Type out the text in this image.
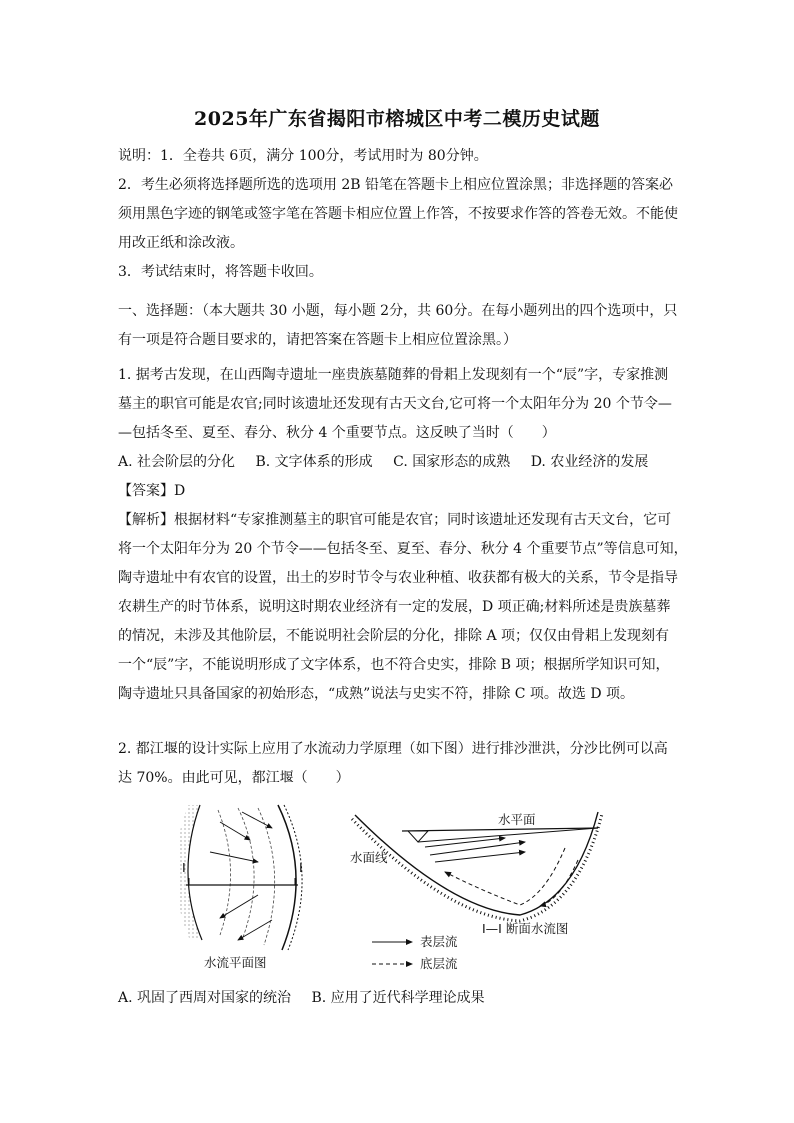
2025年广东省揭阳市榕城区中考二模历史试题
说明：1．全卷共 6页，满分 100分，考试用时为 80分钟。
2．考生必须将选择题所选的选项用 2B 铅笔在答题卡上相应位置涂黑；非选择题的答案必
须用黑色字迹的钢笔或签字笔在答题卡相应位置上作答，不按要求作答的答卷无效。不能使
用改正纸和涂改液。
3．考试结束时，将答题卡收回。
一、选择题：（本大题共 30 小题，每小题 2分，共 60分。在每小题列出的四个选项中，只
有一项是符合题目要求的，请把答案在答题卡上相应位置涂黑。）
1. 据考古发现，在山西陶寺遗址一座贵族墓随葬的骨耜上发现刻有一个“辰”字，专家推测
墓主的职官可能是农官;同时该遗址还发现有古天文台,它可将一个太阳年分为 20 个节令—
—包括冬至、夏至、春分、秋分 4 个重要节点。这反映了当时（　　）
A. 社会阶层的分化 B. 文字体系的形成 C. 国家形态的成熟 D. 农业经济的发展
【答案】D
【解析】根据材料“专家推测墓主的职官可能是农官；同时该遗址还发现有古天文台，它可
将一个太阳年分为 20 个节令——包括冬至、夏至、春分、秋分 4 个重要节点”等信息可知，
陶寺遗址中有农官的设置，出土的岁时节令与农业种植、收获都有极大的关系，节令是指导
农耕生产的时节体系，说明这时期农业经济有一定的发展，D 项正确;材料所述是贵族墓葬
的情况，未涉及其他阶层，不能说明社会阶层的分化，排除 A 项；仅仅由骨耜上发现刻有
一个“辰”字，不能说明形成了文字体系，也不符合史实，排除 B 项；根据所学知识可知，
陶寺遗址只具备国家的初始形态，“成熟”说法与史实不符，排除 C 项。故选 D 项。
2. 都江堰的设计实际上应用了水流动力学原理（如下图）进行排沙泄洪，分沙比例可以高
达 70%。由此可见，都江堰（　　）
I	I
水流平面图
水平面
水面线
I—I 断面水流图
表层流
底层流
A. 巩固了西周对国家的统治 B. 应用了近代科学理论成果
